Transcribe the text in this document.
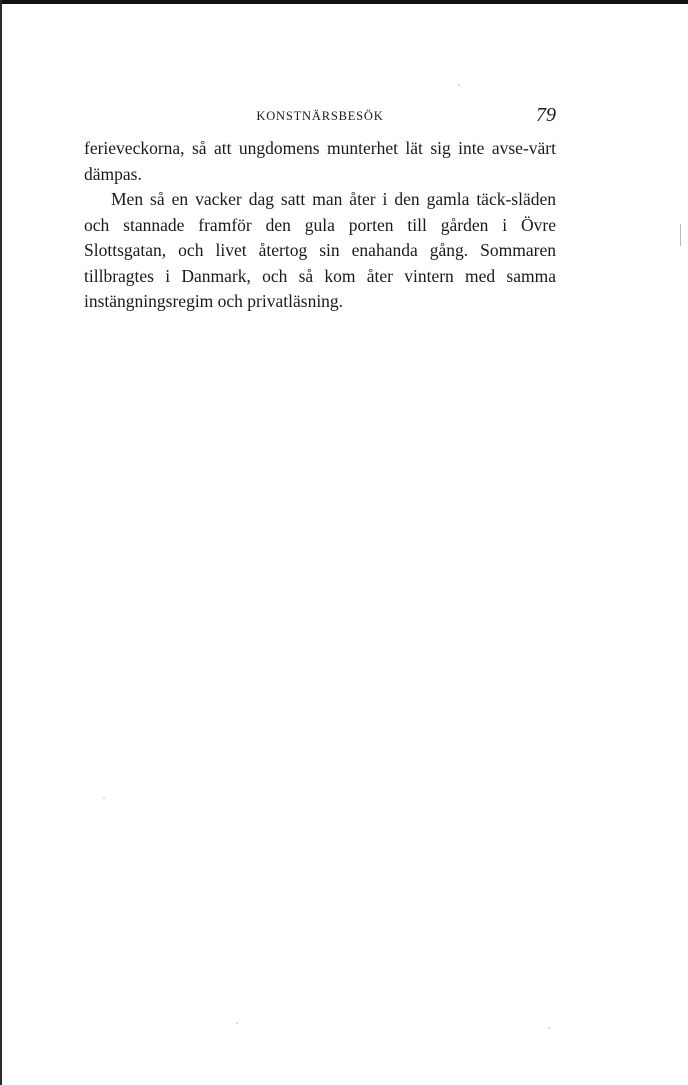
KONSTNÄRSBESÖK	79

ferieveckorna, så att ungdomens munterhet lät sig inte avse-värt dämpas.

Men så en vacker dag satt man åter i den gamla täck-släden och stannade framför den gula porten till gården i Övre Slottsgatan, och livet återtog sin enahanda gång. Sommaren tillbragtes i Danmark, och så kom åter vintern med samma instängningsregim och privatläsning.
